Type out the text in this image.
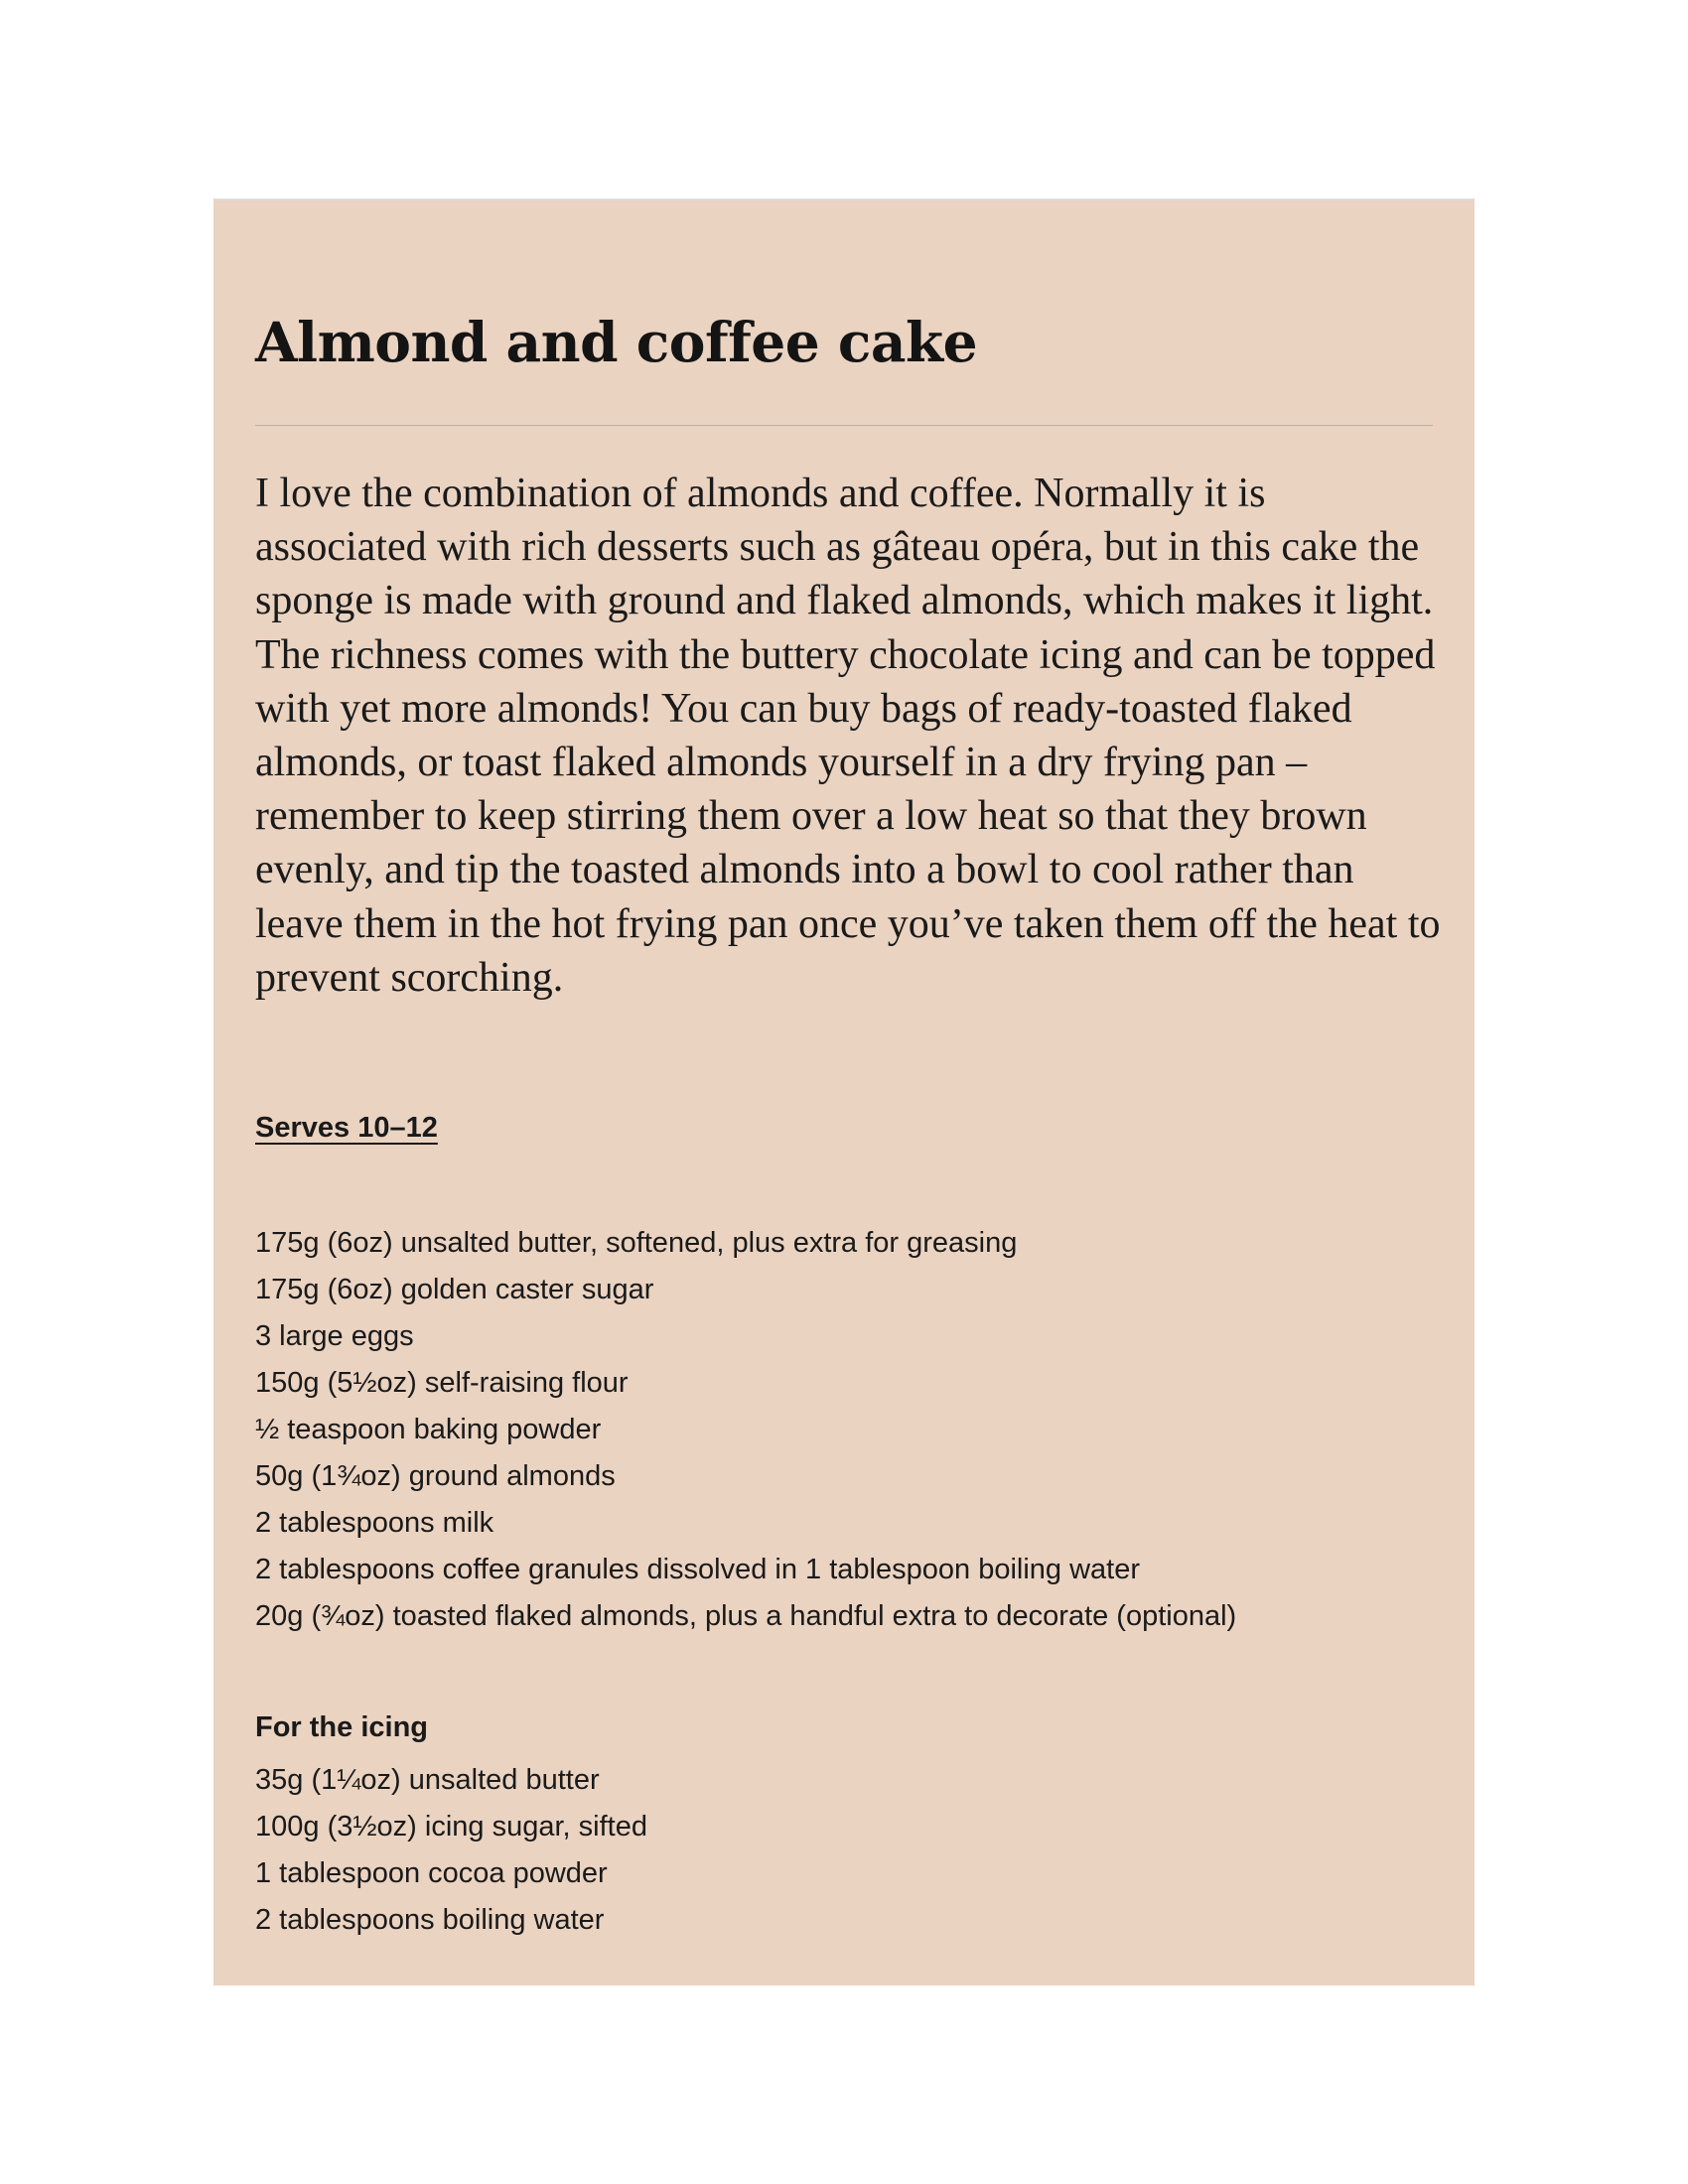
Almond and coffee cake

I love the combination of almonds and coffee. Normally it is associated with rich desserts such as gâteau opéra, but in this cake the sponge is made with ground and flaked almonds, which makes it light. The richness comes with the buttery chocolate icing and can be topped with yet more almonds! You can buy bags of ready-toasted flaked almonds, or toast flaked almonds yourself in a dry frying pan – remember to keep stirring them over a low heat so that they brown evenly, and tip the toasted almonds into a bowl to cool rather than leave them in the hot frying pan once you’ve taken them off the heat to prevent scorching.

Serves 10–12

175g (6oz) unsalted butter, softened, plus extra for greasing
175g (6oz) golden caster sugar
3 large eggs
150g (5½oz) self-raising flour
½ teaspoon baking powder
50g (1¾oz) ground almonds
2 tablespoons milk
2 tablespoons coffee granules dissolved in 1 tablespoon boiling water
20g (¾oz) toasted flaked almonds, plus a handful extra to decorate (optional)

For the icing

35g (1¼oz) unsalted butter
100g (3½oz) icing sugar, sifted
1 tablespoon cocoa powder
2 tablespoons boiling water
